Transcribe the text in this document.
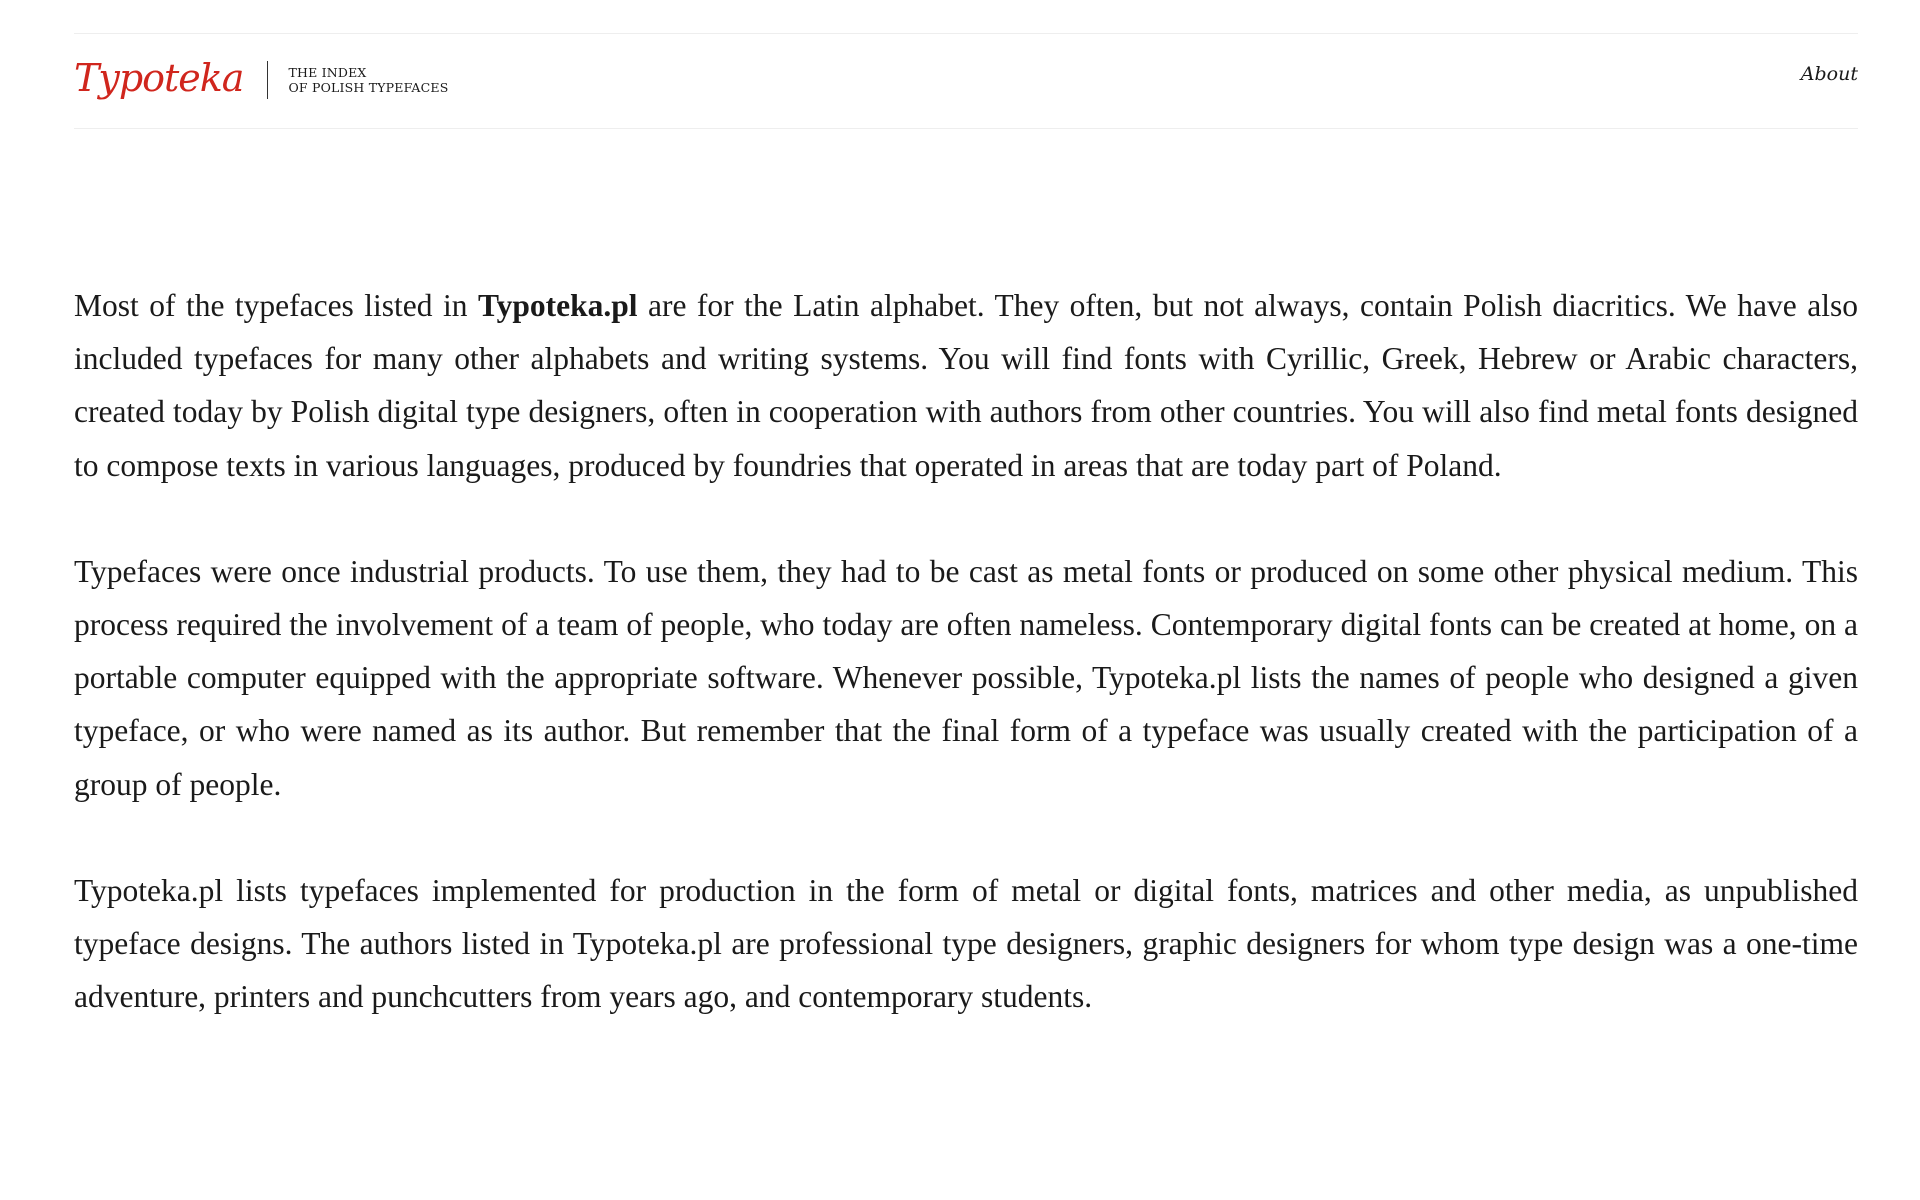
Typoteka	THE INDEX
OF POLISH TYPEFACES
About

Most of the typefaces listed in Typoteka.pl are for the Latin alphabet. They often, but not always, contain Polish diacritics. We have also included typefaces for many other alphabets and writing systems. You will find fonts with Cyrillic, Greek, Hebrew or Arabic characters, created today by Polish digital type designers, often in cooperation with authors from other countries. You will also find metal fonts designed to compose texts in various languages, produced by foundries that operated in areas that are today part of Poland.

Typefaces were once industrial products. To use them, they had to be cast as metal fonts or produced on some other physical medium. This process required the involvement of a team of people, who today are often nameless. Contemporary digital fonts can be created at home, on a portable computer equipped with the appropriate software. Whenever possible, Typoteka.pl lists the names of people who designed a given typeface, or who were named as its author. But remember that the final form of a typeface was usually created with the participation of a group of people.

Typoteka.pl lists typefaces implemented for production in the form of metal or digital fonts, matrices and other media, as unpublished typeface designs. The authors listed in Typoteka.pl are professional type designers, graphic designers for whom type design was a one-time adventure, printers and punchcutters from years ago, and contemporary students.
